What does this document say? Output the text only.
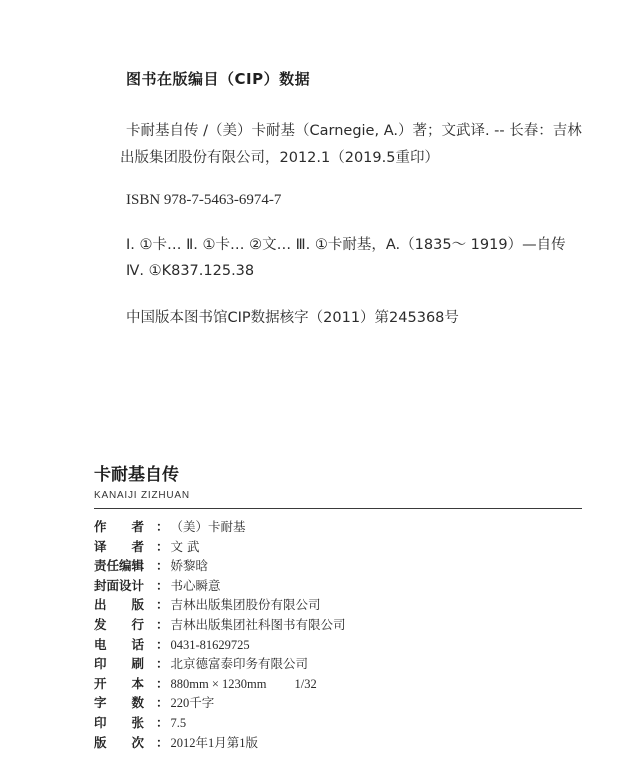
图书在版编目（CIP）数据
卡耐基自传 /（美）卡耐基（Carnegie, A.）著；文武译. -- 长春：吉林
出版集团股份有限公司，2012.1（2019.5重印）
ISBN 978-7-5463-6974-7
Ⅰ. ①卡… Ⅱ. ①卡… ②文… Ⅲ. ①卡耐基，A.（1835～ 1919）—自传
Ⅳ. ①K837.125.38
中国版本图书馆CIP数据核字（2011）第245368号
卡耐基自传
KANAIJI ZIZHUAN
作 者 ： （美）卡耐基
译 者 ： 文 武
责任编辑 ： 娇黎晗
封面设计 ： 书心瞬意
出 版 ： 吉林出版集团股份有限公司
发 行 ： 吉林出版集团社科图书有限公司
电 话 ： 0431-81629725
印 刷 ： 北京德富泰印务有限公司
开 本 ： 880mm × 1230mm 1/32
字 数 ： 220千字
印 张 ： 7.5
版 次 ： 2012年1月第1版
